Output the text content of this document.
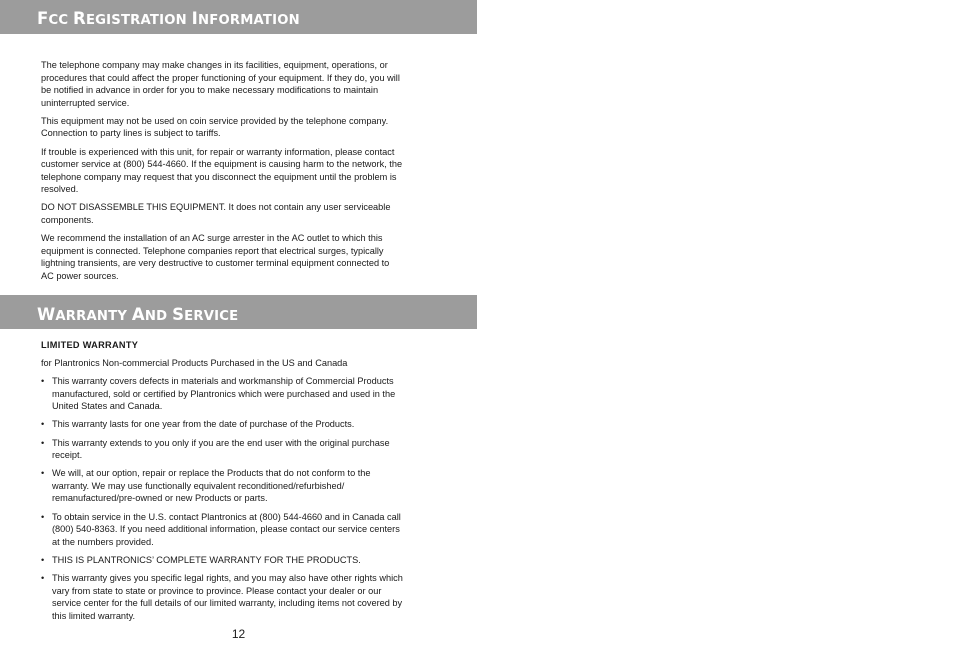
FCC REGISTRATION INFORMATION

The telephone company may make changes in its facilities, equipment, operations, or procedures that could affect the proper functioning of your equipment. If they do, you will be notified in advance in order for you to make necessary modifications to maintain uninterrupted service.

This equipment may not be used on coin service provided by the telephone company. Connection to party lines is subject to tariffs.

If trouble is experienced with this unit, for repair or warranty information, please contact customer service at (800) 544-4660. If the equipment is causing harm to the network, the telephone company may request that you disconnect the equipment until the problem is resolved.

DO NOT DISASSEMBLE THIS EQUIPMENT. It does not contain any user serviceable components.

We recommend the installation of an AC surge arrester in the AC outlet to which this equipment is connected. Telephone companies report that electrical surges, typically lightning transients, are very destructive to customer terminal equipment connected to AC power sources.

WARRANTY AND SERVICE
LIMITED WARRANTY

for Plantronics Non-commercial Products Purchased in the US and Canada

• This warranty covers defects in materials and workmanship of Commercial Products manufactured, sold or certified by Plantronics which were purchased and used in the United States and Canada.
• This warranty lasts for one year from the date of purchase of the Products.
• This warranty extends to you only if you are the end user with the original purchase receipt.
• We will, at our option, repair or replace the Products that do not conform to the warranty. We may use functionally equivalent reconditioned/refurbished/ remanufactured/pre-owned or new Products or parts.
• To obtain service in the U.S. contact Plantronics at (800) 544-4660 and in Canada call (800) 540-8363. If you need additional information, please contact our service centers at the numbers provided.
• THIS IS PLANTRONICS’ COMPLETE WARRANTY FOR THE PRODUCTS.
• This warranty gives you specific legal rights, and you may also have other rights which vary from state to state or province to province. Please contact your dealer or our service center for the full details of our limited warranty, including items not covered by this limited warranty.
12
